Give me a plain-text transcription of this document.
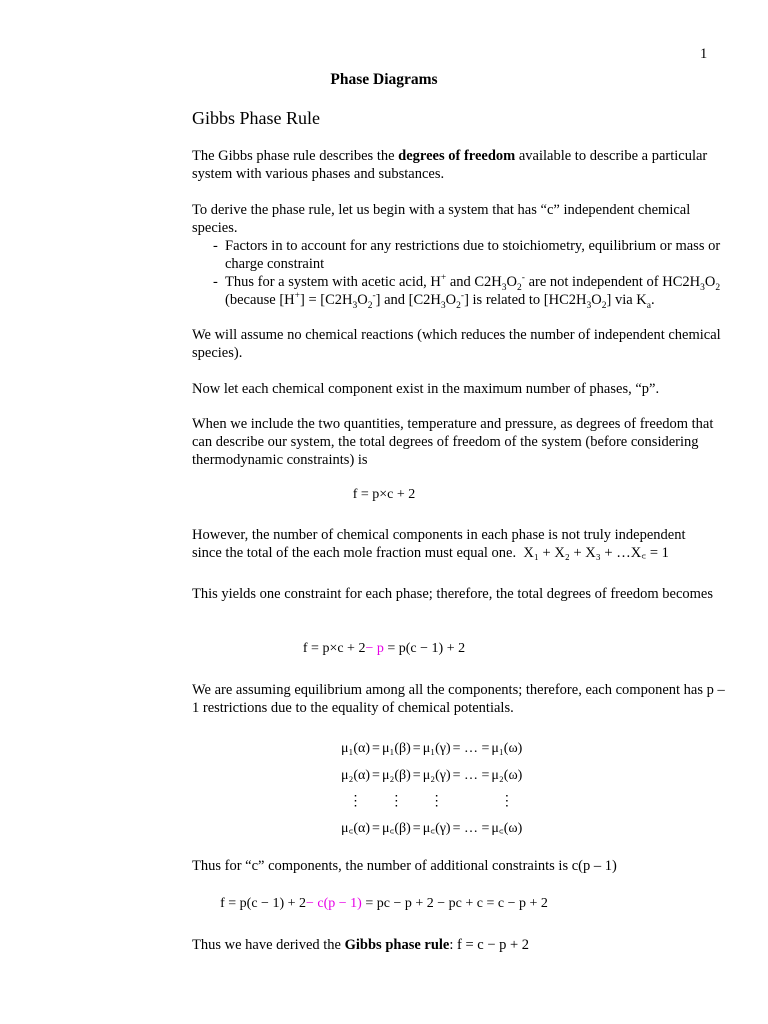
1
Phase Diagrams
Gibbs Phase Rule
The Gibbs phase rule describes the degrees of freedom available to describe a particular system with various phases and substances.
To derive the phase rule, let us begin with a system that has “c” independent chemical species.
- Factors in to account for any restrictions due to stoichiometry, equilibrium or mass or charge constraint
- Thus for a system with acetic acid, H+ and $C2H_3O_2^-$ are not independent of $HC2H_3O_2$ (because $[H^+] = [C2H_3O_2^-]$ and $[C2H_3O_2^-]$ is related to $[HC2H_3O_2]$ via $K_a$.
We will assume no chemical reactions (which reduces the number of independent chemical species).
Now let each chemical component exist in the maximum number of phases, “p”.
When we include the two quantities, temperature and pressure, as degrees of freedom that can describe our system, the total degrees of freedom of the system (before considering thermodynamic constraints) is
f = p×c + 2
However, the number of chemical components in each phase is not truly independent
since the total of the each mole fraction must equal one. X₁ + X₂ + X₃ + …X꜀ = 1
This yields one constraint for each phase; therefore, the total degrees of freedom becomes
f = p×c + 2− p = p(c − 1) + 2
We are assuming equilibrium among all the components; therefore, each component has p – 1 restrictions due to the equality of chemical potentials.
μ₁(α)	=	μ₁(β)	=	μ₁(γ)	= … =	μ₁(ω)
μ₂(α)	=	μ₂(β)	=	μ₂(γ)	= … =	μ₂(ω)
⋮		⋮		⋮		⋮
μ꜀(α)	=	μ꜀(β)	=	μ꜀(γ)	= … =	μ꜀(ω)
Thus for “c” components, the number of additional constraints is c(p – 1)
f = p(c − 1) + 2− c(p − 1) = pc − p + 2 − pc + c = c − p + 2
Thus we have derived the Gibbs phase rule: f = c − p + 2
